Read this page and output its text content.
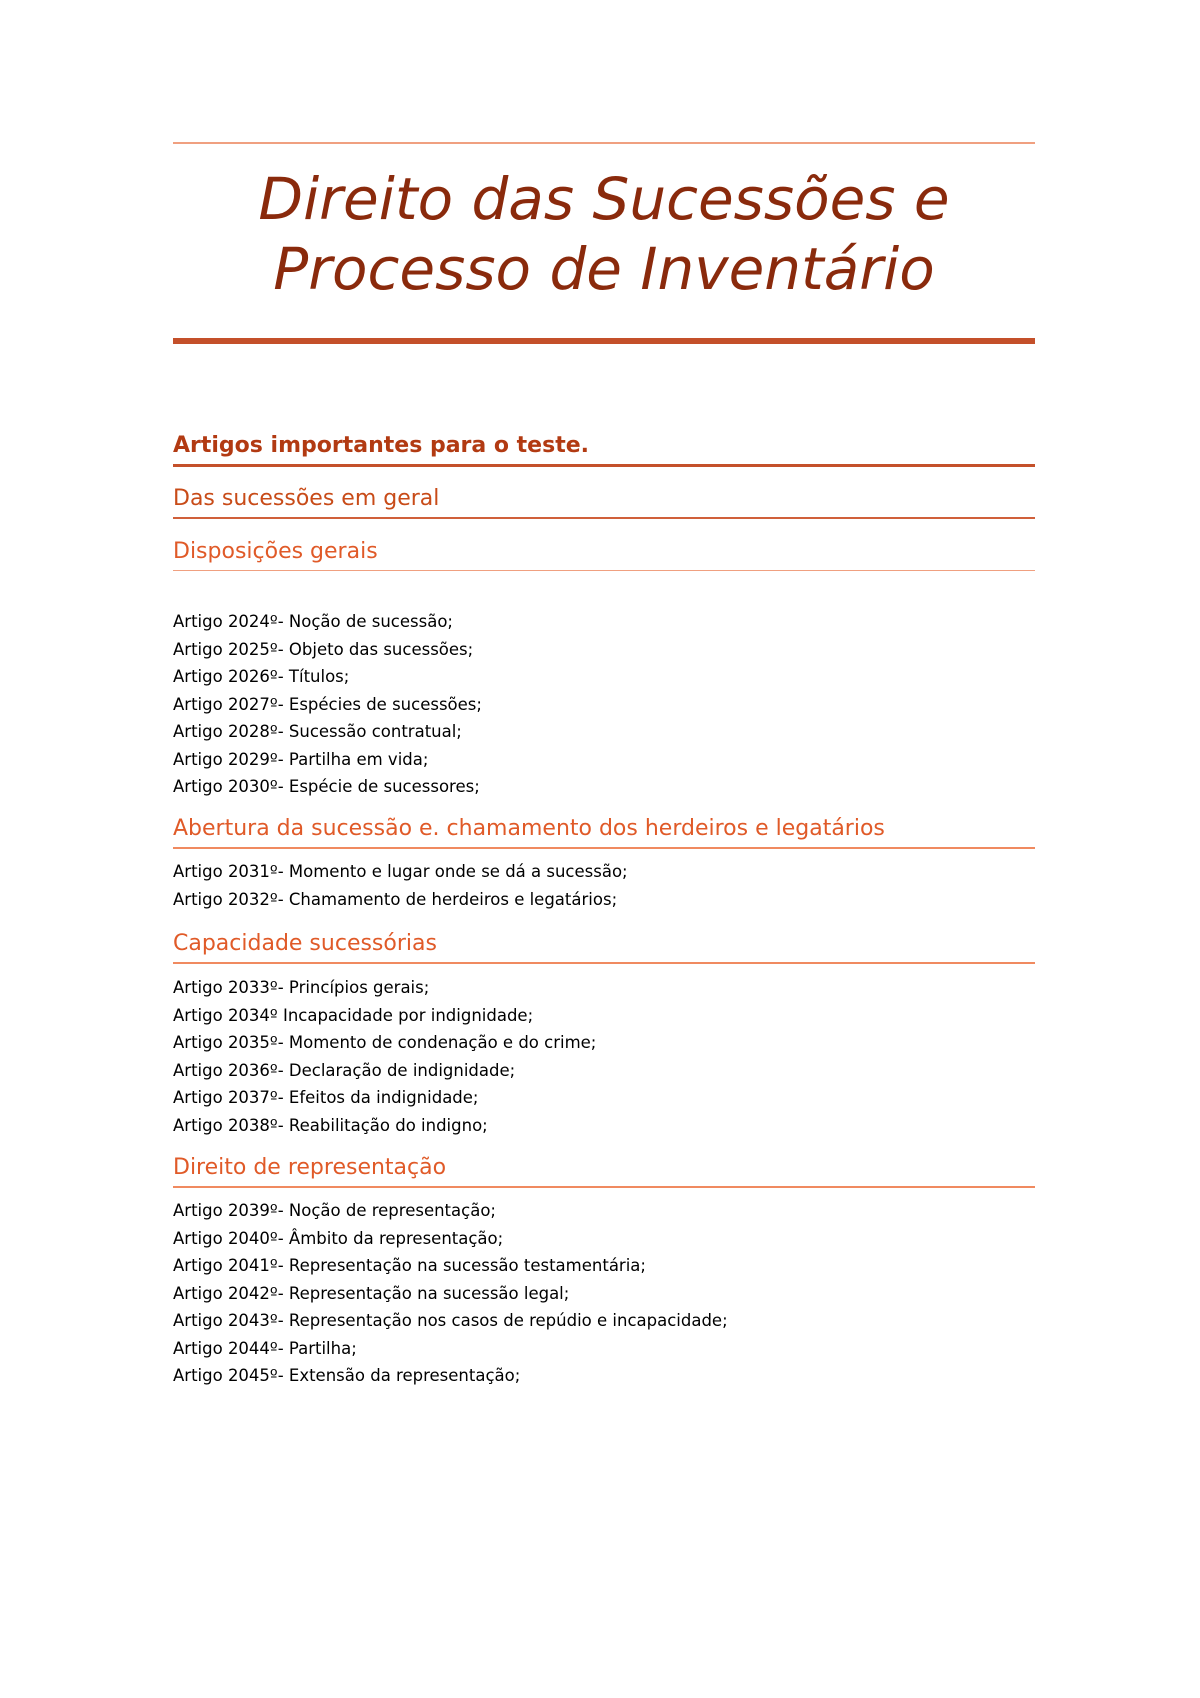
Direito das Sucessões e
Processo de Inventário
Artigos importantes para o teste.
Das sucessões em geral
Disposições gerais
Artigo 2024º- Noção de sucessão;
Artigo 2025º- Objeto das sucessões;
Artigo 2026º- Títulos;
Artigo 2027º- Espécies de sucessões;
Artigo 2028º- Sucessão contratual;
Artigo 2029º- Partilha em vida;
Artigo 2030º- Espécie de sucessores;
Abertura da sucessão e. chamamento dos herdeiros e legatários
Artigo 2031º- Momento e lugar onde se dá a sucessão;
Artigo 2032º- Chamamento de herdeiros e legatários;
Capacidade sucessórias
Artigo 2033º- Princípios gerais;
Artigo 2034º Incapacidade por indignidade;
Artigo 2035º- Momento de condenação e do crime;
Artigo 2036º- Declaração de indignidade;
Artigo 2037º- Efeitos da indignidade;
Artigo 2038º- Reabilitação do indigno;
Direito de representação
Artigo 2039º- Noção de representação;
Artigo 2040º- Âmbito da representação;
Artigo 2041º- Representação na sucessão testamentária;
Artigo 2042º- Representação na sucessão legal;
Artigo 2043º- Representação nos casos de repúdio e incapacidade;
Artigo 2044º- Partilha;
Artigo 2045º- Extensão da representação;
